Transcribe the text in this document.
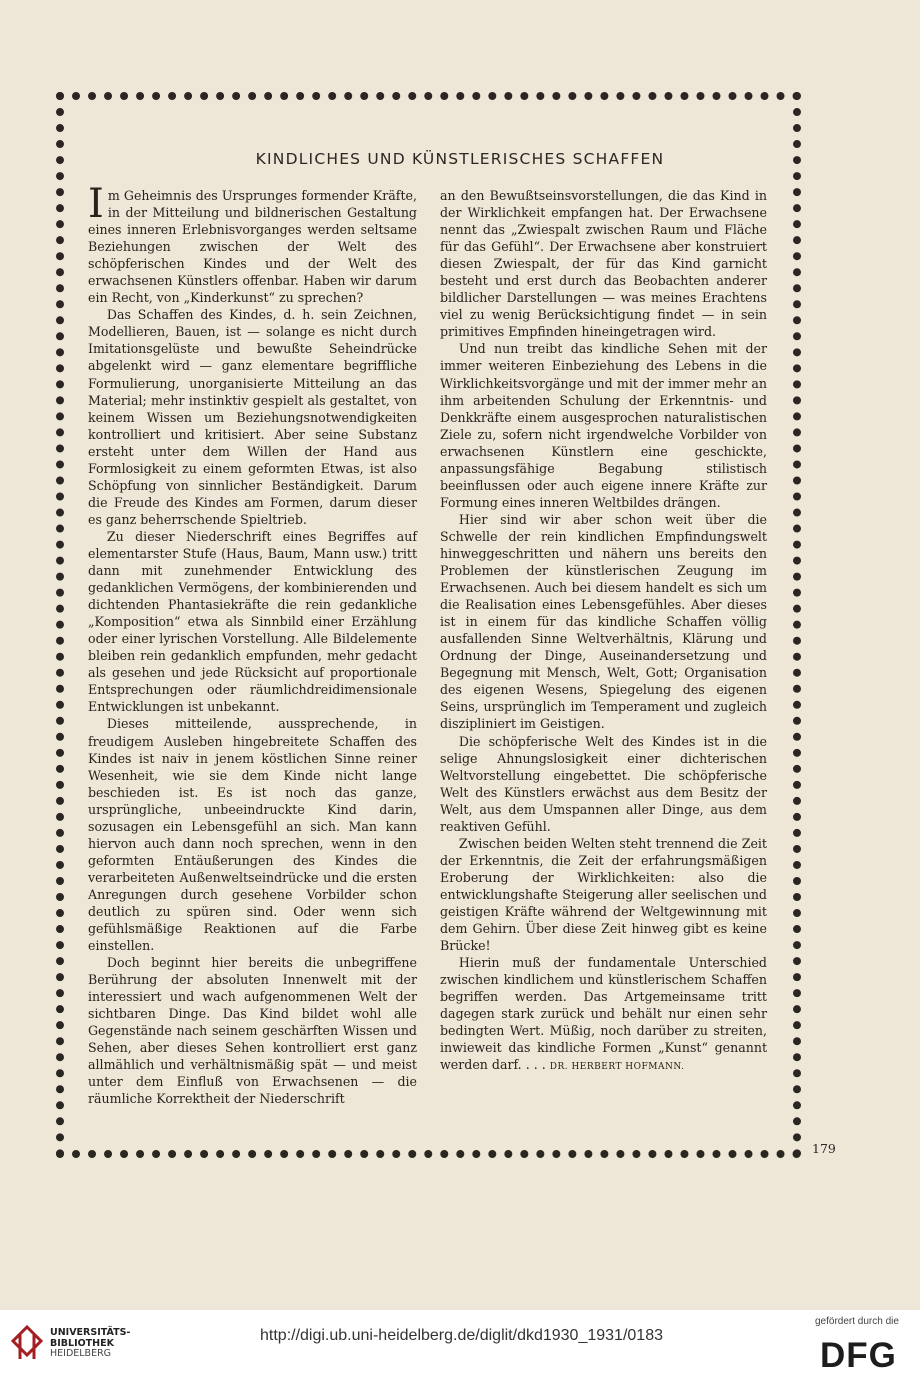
KINDLICHES UND KÜNSTLERISCHES SCHAFFEN

Im Geheimnis des Ursprunges formender Kräfte, in der Mitteilung und bildnerischen Gestaltung eines inneren Erlebnisvorganges werden seltsame Beziehungen zwischen der Welt des schöpferischen Kindes und der Welt des erwachsenen Künstlers offenbar. Haben wir darum ein Recht, von „Kinderkunst“ zu sprechen?

Das Schaffen des Kindes, d. h. sein Zeichnen, Modellieren, Bauen, ist — solange es nicht durch Imitationsgelüste und bewußte Seheindrücke abgelenkt wird — ganz elementare begriffliche Formulierung, unorganisierte Mitteilung an das Material; mehr instinktiv gespielt als gestaltet, von keinem Wissen um Beziehungsnotwendigkeiten kontrolliert und kritisiert. Aber seine Substanz ersteht unter dem Willen der Hand aus Formlosigkeit zu einem geformten Etwas, ist also Schöpfung von sinnlicher Beständigkeit. Darum die Freude des Kindes am Formen, darum dieser es ganz beherrschende Spieltrieb.

Zu dieser Niederschrift eines Begriffes auf elementarster Stufe (Haus, Baum, Mann usw.) tritt dann mit zunehmender Entwicklung des gedanklichen Vermögens, der kombinierenden und dichtenden Phantasiekräfte die rein gedankliche „Komposition“ etwa als Sinnbild einer Erzählung oder einer lyrischen Vorstellung. Alle Bildelemente bleiben rein gedanklich empfunden, mehr gedacht als gesehen und jede Rücksicht auf proportionale Entsprechungen oder räumlichdreidimensionale Entwicklungen ist unbekannt.

Dieses mitteilende, aussprechende, in freudigem Ausleben hingebreitete Schaffen des Kindes ist naiv in jenem köstlichen Sinne reiner Wesenheit, wie sie dem Kinde nicht lange beschieden ist. Es ist noch das ganze, ursprüngliche, unbeeindruckte Kind darin, sozusagen ein Lebensgefühl an sich. Man kann hiervon auch dann noch sprechen, wenn in den geformten Entäußerungen des Kindes die verarbeiteten Außenweltseindrücke und die ersten Anregungen durch gesehene Vorbilder schon deutlich zu spüren sind. Oder wenn sich gefühlsmäßige Reaktionen auf die Farbe einstellen.

Doch beginnt hier bereits die unbegriffene Berührung der absoluten Innenwelt mit der interessiert und wach aufgenommenen Welt der sichtbaren Dinge. Das Kind bildet wohl alle Gegenstände nach seinem geschärften Wissen und Sehen, aber dieses Sehen kontrolliert erst ganz allmählich und verhältnismäßig spät — und meist unter dem Einfluß von Erwachsenen — die räumliche Korrektheit der Niederschrift

an den Bewußtseinsvorstellungen, die das Kind in der Wirklichkeit empfangen hat. Der Erwachsene nennt das „Zwiespalt zwischen Raum und Fläche für das Gefühl“. Der Erwachsene aber konstruiert diesen Zwiespalt, der für das Kind garnicht besteht und erst durch das Beobachten anderer bildlicher Darstellungen — was meines Erachtens viel zu wenig Berücksichtigung findet — in sein primitives Empfinden hineingetragen wird.

Und nun treibt das kindliche Sehen mit der immer weiteren Einbeziehung des Lebens in die Wirklichkeitsvorgänge und mit der immer mehr an ihm arbeitenden Schulung der Erkenntnis- und Denkkräfte einem ausgesprochen naturalistischen Ziele zu, sofern nicht irgendwelche Vorbilder von erwachsenen Künstlern eine geschickte, anpassungsfähige Begabung stilistisch beeinflussen oder auch eigene innere Kräfte zur Formung eines inneren Weltbildes drängen.

Hier sind wir aber schon weit über die Schwelle der rein kindlichen Empfindungswelt hinweggeschritten und nähern uns bereits den Problemen der künstlerischen Zeugung im Erwachsenen. Auch bei diesem handelt es sich um die Realisation eines Lebensgefühles. Aber dieses ist in einem für das kindliche Schaffen völlig ausfallenden Sinne Weltverhältnis, Klärung und Ordnung der Dinge, Auseinandersetzung und Begegnung mit Mensch, Welt, Gott; Organisation des eigenen Wesens, Spiegelung des eigenen Seins, ursprünglich im Temperament und zugleich diszipliniert im Geistigen.

Die schöpferische Welt des Kindes ist in die selige Ahnungslosigkeit einer dichterischen Weltvorstellung eingebettet. Die schöpferische Welt des Künstlers erwächst aus dem Besitz der Welt, aus dem Umspannen aller Dinge, aus dem reaktiven Gefühl.

Zwischen beiden Welten steht trennend die Zeit der Erkenntnis, die Zeit der erfahrungsmäßigen Eroberung der Wirklichkeiten: also die entwicklungshafte Steigerung aller seelischen und geistigen Kräfte während der Weltgewinnung mit dem Gehirn. Über diese Zeit hinweg gibt es keine Brücke!

Hierin muß der fundamentale Unterschied zwischen kindlichem und künstlerischem Schaffen begriffen werden. Das Artgemeinsame tritt dagegen stark zurück und behält nur einen sehr bedingten Wert. Müßig, noch darüber zu streiten, inwieweit das kindliche Formen „Kunst“ genannt werden darf. . . . DR. HERBERT HOFMANN.

179
UNIVERSITÄTS-
BIBLIOTHEK
HEIDELBERG
http://digi.ub.uni-heidelberg.de/diglit/dkd1930_1931/0183
gefördert durch die
DFG
